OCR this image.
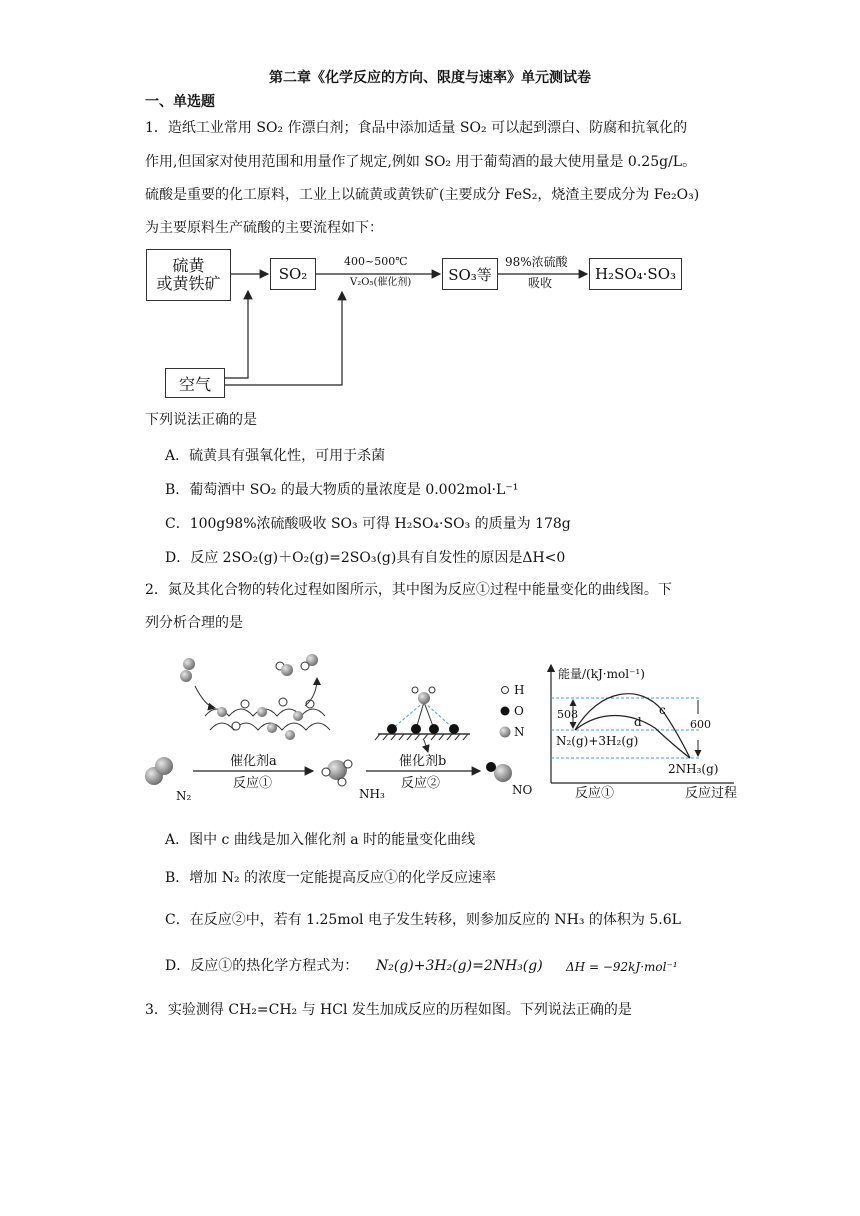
第二章《化学反应的方向、限度与速率》单元测试卷
一、单选题
1．造纸工业常用 SO₂ 作漂白剂；食品中添加适量 SO₂ 可以起到漂白、防腐和抗氧化的
作用,但国家对使用范围和用量作了规定,例如 SO₂ 用于葡萄酒的最大使用量是 0.25g/L。
硫酸是重要的化工原料，工业上以硫黄或黄铁矿(主要成分 FeS₂，烧渣主要成分为 Fe₂O₃)
为主要原料生产硫酸的主要流程如下：
硫黄
或黄铁矿	SO₂	SO₃等	H₂SO₄·SO₃
空气
400~500℃
V₂O₅(催化剂)
98%浓硫酸
吸收
下列说法正确的是
A．硫黄具有强氧化性，可用于杀菌
B．葡萄酒中 SO₂ 的最大物质的量浓度是 0.002mol·L⁻¹
C．100g98%浓硫酸吸收 SO₃ 可得 H₂SO₄·SO₃ 的质量为 178g
D．反应 2SO₂(g)＋O₂(g)=2SO₃(g)具有自发性的原因是ΔH<0
2．氮及其化合物的转化过程如图所示，其中图为反应①过程中能量变化的曲线图。下
列分析合理的是
催化剂a
反应①
催化剂b
反应②
N₂	NH₃	NO
H
O
N
能量/(kJ·mol⁻¹)
508
600
c
d
N₂(g)+3H₂(g)
2NH₃(g)
反应①	反应过程
A．图中 c 曲线是加入催化剂 a 时的能量变化曲线
B．增加 N₂ 的浓度一定能提高反应①的化学反应速率
C．在反应②中，若有 1.25mol 电子发生转移，则参加反应的 NH₃ 的体积为 5.6L
D．反应①的热化学方程式为： N₂(g)+3H₂(g)=2NH₃(g) ΔH = −92kJ·mol⁻¹
3．实验测得 CH₂=CH₂ 与 HCl 发生加成反应的历程如图。下列说法正确的是
